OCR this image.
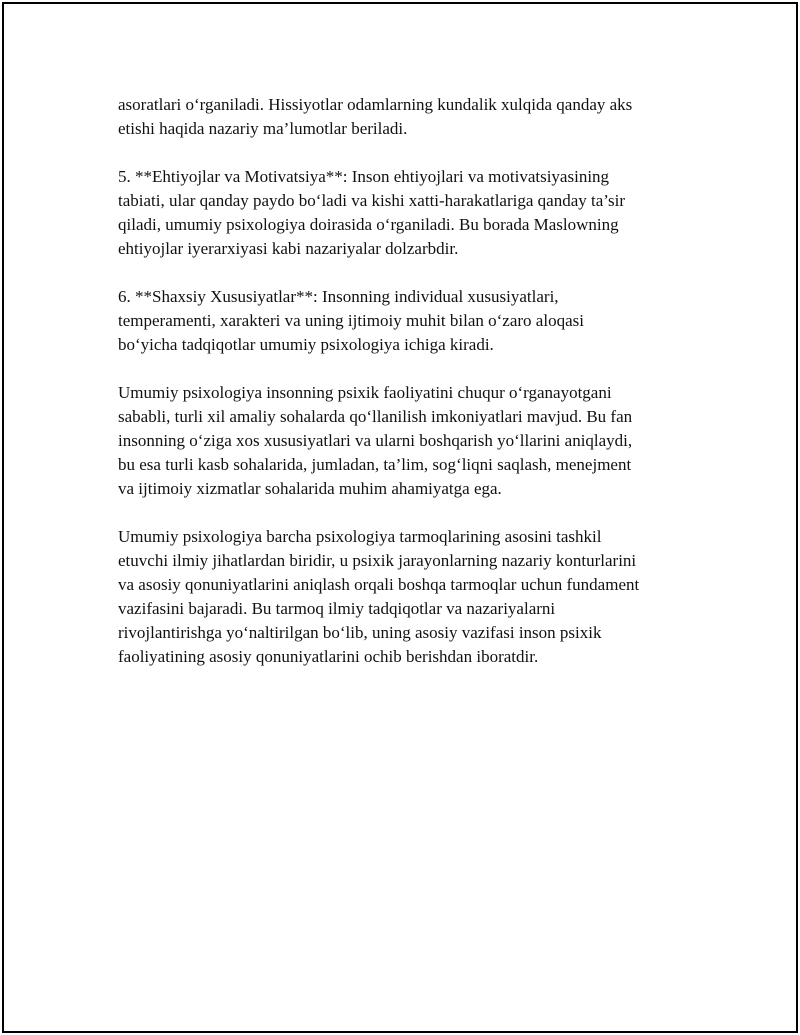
asoratlari o‘rganiladi. Hissiyotlar odamlarning kundalik xulqida qanday aks
etishi haqida nazariy ma’lumotlar beriladi.

5. **Ehtiyojlar va Motivatsiya**: Inson ehtiyojlari va motivatsiyasining
tabiati, ular qanday paydo bo‘ladi va kishi xatti-harakatlariga qanday ta’sir
qiladi, umumiy psixologiya doirasida o‘rganiladi. Bu borada Maslowning
ehtiyojlar iyerarxiyasi kabi nazariyalar dolzarbdir.

6. **Shaxsiy Xususiyatlar**: Insonning individual xususiyatlari,
temperamenti, xarakteri va uning ijtimoiy muhit bilan o‘zaro aloqasi
bo‘yicha tadqiqotlar umumiy psixologiya ichiga kiradi.

Umumiy psixologiya insonning psixik faoliyatini chuqur o‘rganayotgani
sababli, turli xil amaliy sohalarda qo‘llanilish imkoniyatlari mavjud. Bu fan
insonning o‘ziga xos xususiyatlari va ularni boshqarish yo‘llarini aniqlaydi,
bu esa turli kasb sohalarida, jumladan, ta’lim, sog‘liqni saqlash, menejment
va ijtimoiy xizmatlar sohalarida muhim ahamiyatga ega.

Umumiy psixologiya barcha psixologiya tarmoqlarining asosini tashkil
etuvchi ilmiy jihatlardan biridir, u psixik jarayonlarning nazariy konturlarini
va asosiy qonuniyatlarini aniqlash orqali boshqa tarmoqlar uchun fundament
vazifasini bajaradi. Bu tarmoq ilmiy tadqiqotlar va nazariyalarni
rivojlantirishga yo‘naltirilgan bo‘lib, uning asosiy vazifasi inson psixik
faoliyatining asosiy qonuniyatlarini ochib berishdan iboratdir.
